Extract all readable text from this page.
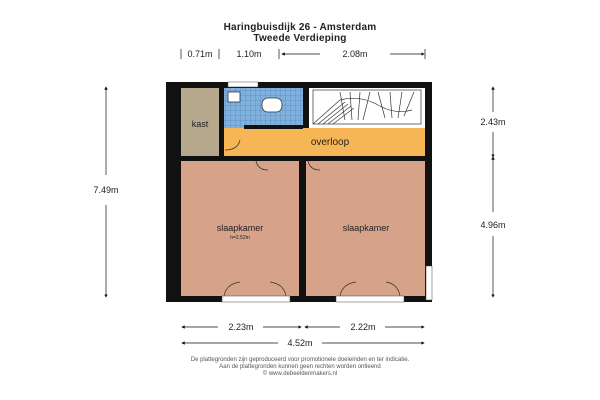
Haringbuisdijk 26 - Amsterdam
Tweede Verdieping
kast
overloop
slaapkamer
h=2.52m
slaapkamer
0.71m	1.10m	2.08m
7.49m
2.43m
4.96m
2.23m	2.22m
4.52m
De plattegronden zijn geproduceerd voor promotionele doeleinden en ter indicatie.
Aan de plattegronden kunnen geen rechten worden ontleend
© www.debeeldenmakers.nl
